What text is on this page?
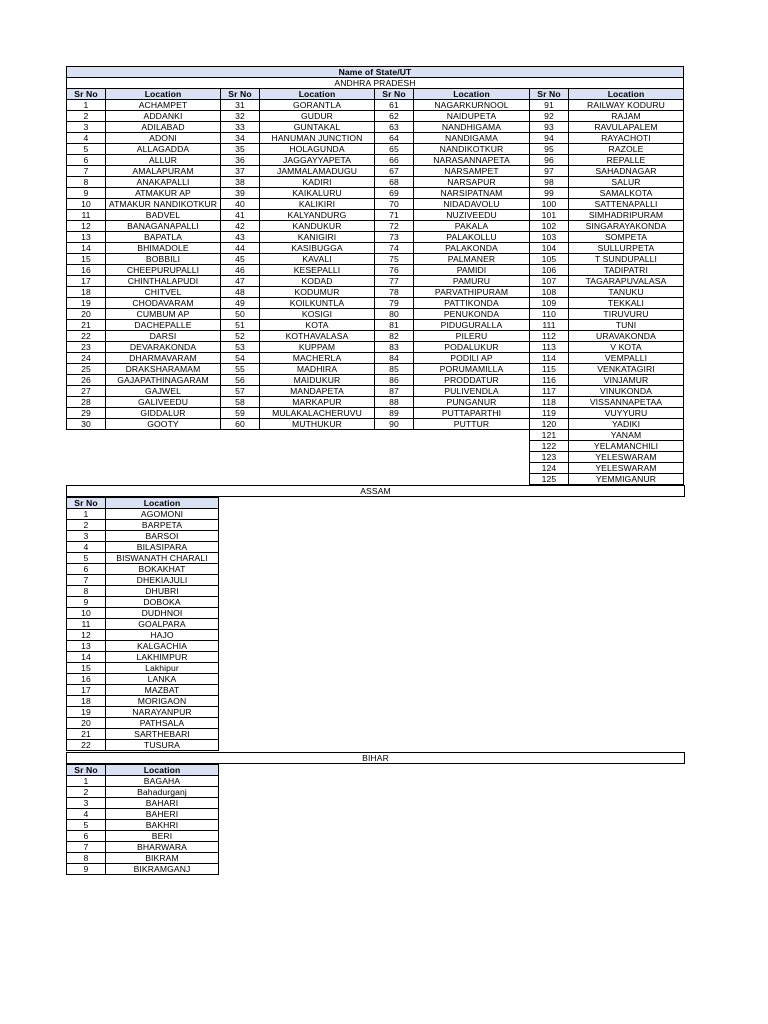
Name of State/UT							
ANDHRA PRADESH							
Sr No	Location	Sr No	Location	Sr No	Location	Sr No	Location
1	ACHAMPET	31	GORANTLA	61	NAGARKURNOOL	91	RAILWAY KODURU
2	ADDANKI	32	GUDUR	62	NAIDUPETA	92	RAJAM
3	ADILABAD	33	GUNTAKAL	63	NANDHIGAMA	93	RAVULAPALEM
4	ADONI	34	HANUMAN JUNCTION	64	NANDIGAMA	94	RAYACHOTI
5	ALLAGADDA	35	HOLAGUNDA	65	NANDIKOTKUR	95	RAZOLE
6	ALLUR	36	JAGGAYYAPETA	66	NARASANNAPETA	96	REPALLE
7	AMALAPURAM	37	JAMMALAMADUGU	67	NARSAMPET	97	SAHADNAGAR
8	ANAKAPALLI	38	KADIRI	68	NARSAPUR	98	SALUR
9	ATMAKUR AP	39	KAIKALURU	69	NARSIPATNAM	99	SAMALKOTA
10	ATMAKUR NANDIKOTKUR	40	KALIKIRI	70	NIDADAVOLU	100	SATTENAPALLI
11	BADVEL	41	KALYANDURG	71	NUZIVEEDU	101	SIMHADRIPURAM
12	BANAGANAPALLI	42	KANDUKUR	72	PAKALA	102	SINGARAYAKONDA
13	BAPATLA	43	KANIGIRI	73	PALAKOLLU	103	SOMPETA
14	BHIMADOLE	44	KASIBUGGA	74	PALAKONDA	104	SULLURPETA
15	BOBBILI	45	KAVALI	75	PALMANER	105	T SUNDUPALLI
16	CHEEPURUPALLI	46	KESEPALLI	76	PAMIDI	106	TADIPATRI
17	CHINTHALAPUDI	47	KODAD	77	PAMURU	107	TAGARAPUVALASA
18	CHITVEL	48	KODUMUR	78	PARVATHIPURAM	108	TANUKU
19	CHODAVARAM	49	KOILKUNTLA	79	PATTIKONDA	109	TEKKALI
20	CUMBUM AP	50	KOSIGI	80	PENUKONDA	110	TIRUVURU
21	DACHEPALLE	51	KOTA	81	PIDUGURALLA	111	TUNI
22	DARSI	52	KOTHAVALASA	82	PILERU	112	URAVAKONDA
23	DEVARAKONDA	53	KUPPAM	83	PODALUKUR	113	V KOTA
24	DHARMAVARAM	54	MACHERLA	84	PODILI AP	114	VEMPALLI
25	DRAKSHARAMAM	55	MADHIRA	85	PORUMAMILLA	115	VENKATAGIRI
26	GAJAPATHINAGARAM	56	MAIDUKUR	86	PRODDATUR	116	VINJAMUR
27	GAJWEL	57	MANDAPETA	87	PULIVENDLA	117	VINUKONDA
28	GALIVEEDU	58	MARKAPUR	88	PUNGANUR	118	VISSANNAPETAA
29	GIDDALUR	59	MULAKALACHERUVU	89	PUTTAPARTHI	119	VUYYURU
30	GOOTY	60	MUTHUKUR	90	PUTTUR	120	YADIKI
						121	YANAM
						122	YELAMANCHILI
						123	YELESWARAM
						124	YELESWARAM
						125	YEMMIGANUR
ASSAM
Sr No	Location
1	AGOMONI
2	BARPETA
3	BARSOI
4	BILASIPARA
5	BISWANATH CHARALI
6	BOKAKHAT
7	DHEKIAJULI
8	DHUBRI
9	DOBOKA
10	DUDHNOI
11	GOALPARA
12	HAJO
13	KALGACHIA
14	LAKHIMPUR
15	Lakhipur
16	LANKA
17	MAZBAT
18	MORIGAON
19	NARAYANPUR
20	PATHSALA
21	SARTHEBARI
22	TUSURA
BIHAR
Sr No	Location
1	BAGAHA
2	Bahadurganj
3	BAHARI
4	BAHERI
5	BAKHRI
6	BERI
7	BHARWARA
8	BIKRAM
9	BIKRAMGANJ
